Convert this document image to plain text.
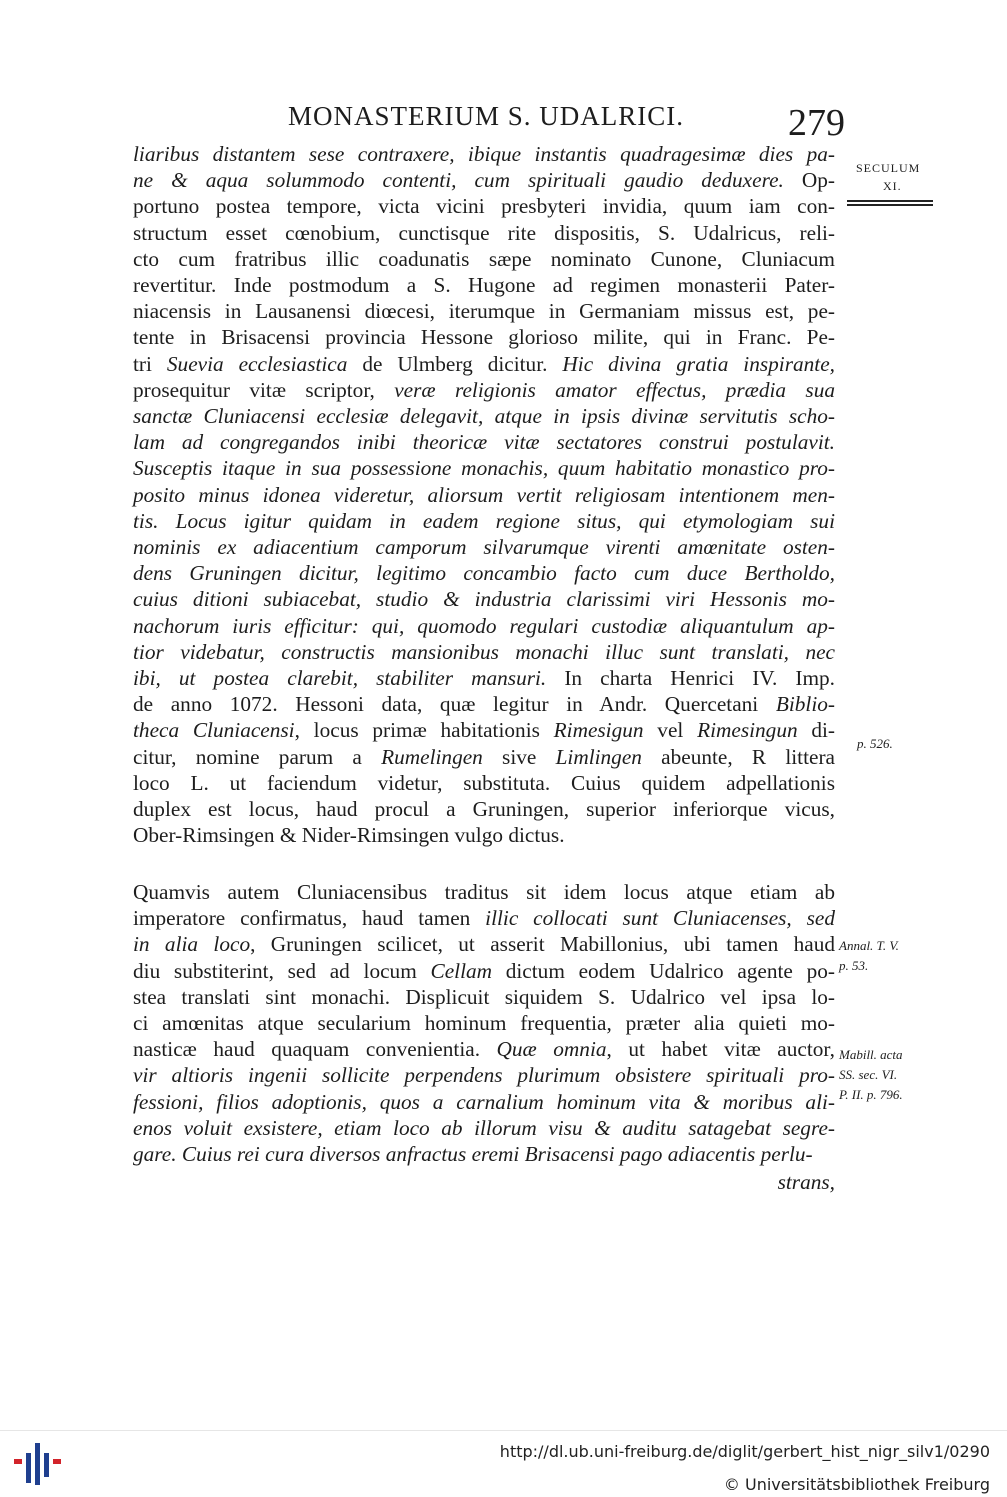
MONASTERIUM S. UDALRICI.	279
liaribus distantem sese contraxere, ibique instantis quadragesimæ dies pa-
ne & aqua solummodo contenti, cum spirituali gaudio deduxere. Op-
portuno postea tempore, victa vicini presbyteri invidia, quum iam con-
structum esset cœnobium, cunctisque rite dispositis, S. Udalricus, reli-
cto cum fratribus illic coadunatis sæpe nominato Cunone, Cluniacum
revertitur. Inde postmodum a S. Hugone ad regimen monasterii Pater-
niacensis in Lausanensi diœcesi, iterumque in Germaniam missus est, pe-
tente in Brisacensi provincia Hessone glorioso milite, qui in Franc. Pe-
tri Suevia ecclesiastica de Ulmberg dicitur. Hic divina gratia inspirante,
prosequitur vitæ scriptor, veræ religionis amator effectus, prædia sua
sanctæ Cluniacensi ecclesiæ delegavit, atque in ipsis divinæ servitutis scho-
lam ad congregandos inibi theoricæ vitæ sectatores construi postulavit.
Susceptis itaque in sua possessione monachis, quum habitatio monastico pro-
posito minus idonea videretur, aliorsum vertit religiosam intentionem men-
tis. Locus igitur quidam in eadem regione situs, qui etymologiam sui
nominis ex adiacentium camporum silvarumque virenti amœnitate osten-
dens Gruningen dicitur, legitimo concambio facto cum duce Bertholdo,
cuius ditioni subiacebat, studio & industria clarissimi viri Hessonis mo-
nachorum iuris efficitur: qui, quomodo regulari custodiæ aliquantulum ap-
tior videbatur, constructis mansionibus monachi illuc sunt translati, nec
ibi, ut postea clarebit, stabiliter mansuri. In charta Henrici IV. Imp.
de anno 1072. Hessoni data, quæ legitur in Andr. Quercetani Biblio-
theca Cluniacensi, locus primæ habitationis Rimesigun vel Rimesingun di-
citur, nomine parum a Rumelingen sive Limlingen abeunte, R littera
loco L. ut faciendum videtur, substituta. Cuius quidem adpellationis
duplex est locus, haud procul a Gruningen, superior inferiorque vicus,
Ober-Rimsingen & Nider-Rimsingen vulgo dictus.
Quamvis autem Cluniacensibus traditus sit idem locus atque etiam ab
imperatore confirmatus, haud tamen illic collocati sunt Cluniacenses, sed
in alia loco, Gruningen scilicet, ut asserit Mabillonius, ubi tamen haud
diu substiterint, sed ad locum Cellam dictum eodem Udalrico agente po-
stea translati sint monachi. Displicuit siquidem S. Udalrico vel ipsa lo-
ci amœnitas atque secularium hominum frequentia, præter alia quieti mo-
nasticæ haud quaquam convenientia. Quæ omnia, ut habet vitæ auctor,
vir altioris ingenii sollicite perpendens plurimum obsistere spirituali pro-
fessioni, filios adoptionis, quos a carnalium hominum vita & moribus ali-
enos voluit exsistere, etiam loco ab illorum visu & auditu satagebat segre-
gare. Cuius rei cura diversos anfractus eremi Brisacensi pago adiacentis perlu-
SECULUM
XI.
p. 526.
Annal. T. V.
p. 53.
Mabill. acta
SS. sec. VI.
P. II. p. 796.
strans,
http://dl.ub.uni-freiburg.de/diglit/gerbert_hist_nigr_silv1/0290
© Universitätsbibliothek Freiburg
